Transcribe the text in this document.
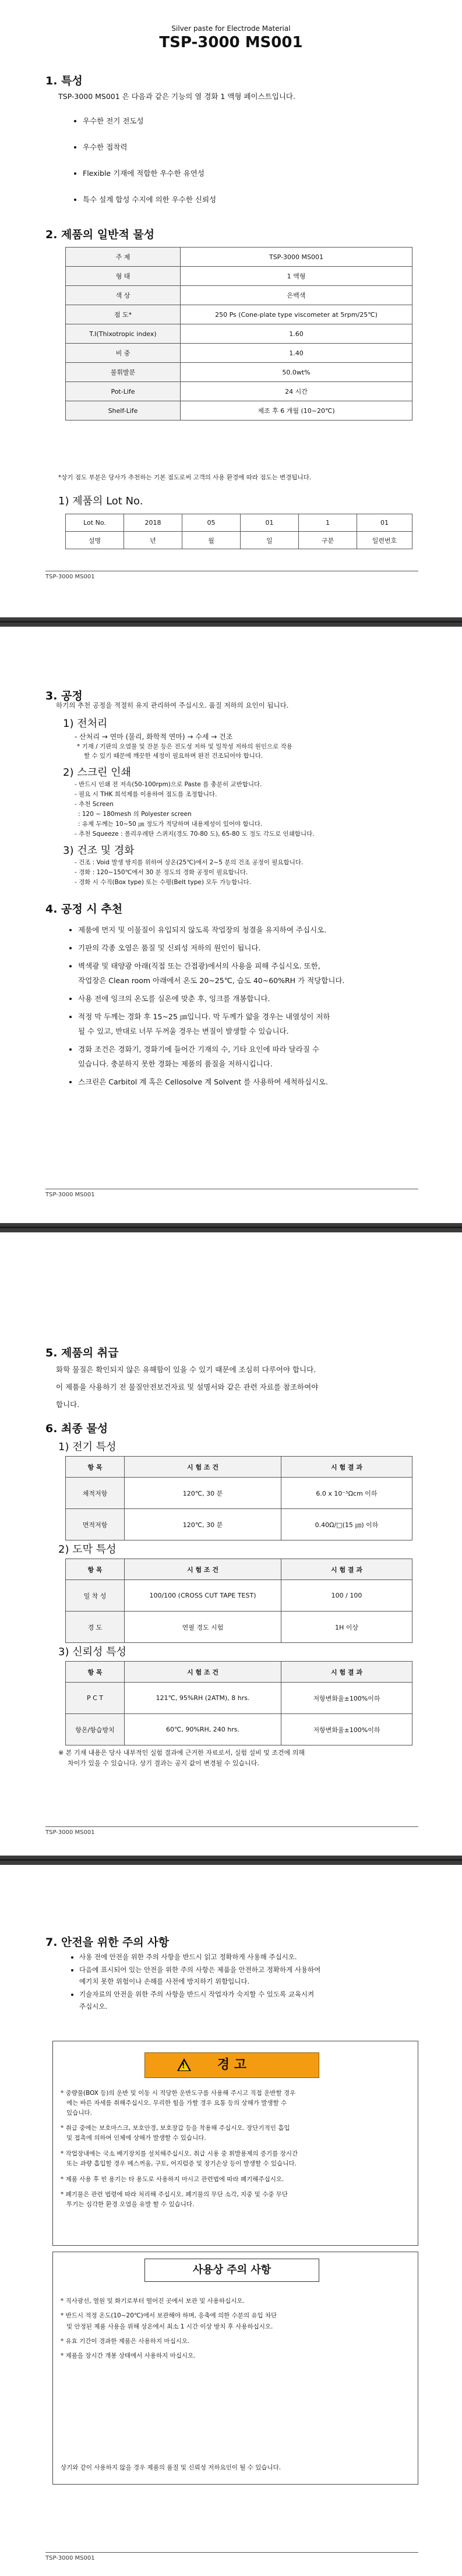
Silver paste for Electrode Material
TSP-3000 MS001
1. 특성
TSP-3000 MS001 은 다음과 같은 기능의 열 경화 1 액형 페이스트입니다.
• 우수한 전기 전도성
• 우수한 접착력
• Flexible 기재에 적합한 우수한 유연성
• 특수 설계 합성 수지에 의한 우수한 신뢰성
2. 제품의 일반적 물성
주 제	TSP-3000 MS001
형 태	1 액형
색 상	은백색
점 도*	250 Ps (Cone-plate type viscometer at 5rpm/25℃)
T.I(Thixotropic index)	1.60
비 중	1.40
불휘발분	50.0wt%
Pot-Life	24 시간
Shelf-Life	제조 후 6 개월 (10~20℃)
*상기 점도 부분은 당사가 추천하는 기본 점도로써 고객의 사용 환경에 따라 점도는 변경됩니다.
1) 제품의 Lot No.
Lot No.	2018	05	01	1	01
설명	년	월	일	구분	일련번호
TSP-3000 MS001
3. 공정
하기의 추천 공정을 적절히 유지 관리하여 주십시오. 품질 저하의 요인이 됩니다.
1) 전처리
- 산처리 → 연마 (물리, 화학적 연마) → 수세 → 건조
* 기재 / 기판의 오염물 및 잔분 등은 전도성 저하 및 밀착성 저하의 원인으로 작용
할 수 있기 때문에 깨끗한 세정이 필요하며 완전 건조되어야 합니다.
2) 스크린 인쇄
- 반드시 인쇄 전 저속(50-100rpm)으로 Paste 를 충분히 교반합니다.
- 필요 시 THK 희석제를 이용하여 점도를 조정합니다.
- 추천 Screen
: 120 ~ 180mesh 의 Polyester screen
: 유제 두께는 10~50 ㎛ 정도가 적당하며 내용제성이 있어야 합니다.
- 추천 Squeeze : 폴리우레탄 스퀴지(경도 70-80 도), 65-80 도 정도 각도로 인쇄합니다.
3) 건조 및 경화
- 건조 : Void 발생 방지를 위하여 상온(25℃)에서 2~5 분의 건조 공정이 필요합니다.
- 경화 : 120~150℃에서 30 분 정도의 경화 공정이 필요합니다.
- 경화 시 수직(Box type) 또는 수평(Belt type) 모두 가능합니다.
4. 공정 시 추천
• 제품에 먼지 및 이물질이 유입되지 않도록 작업장의 청결을 유지하여 주십시오.
• 기판의 각종 오염은 품질 및 신뢰성 저하의 원인이 됩니다.
• 벽색광 및 태양광 아래(직접 또는 간접광)에서의 사용을 피해 주십시오. 또한,
작업장은 Clean room 아래에서 온도 20~25℃, 습도 40~60%RH 가 적당합니다.
• 사용 전에 잉크의 온도를 실온에 맞춘 후, 잉크를 개봉합니다.
• 적정 막 두께는 경화 후 15~25 ㎛입니다. 막 두께가 얇을 경우는 내열성이 저하
될 수 있고, 반대로 너무 두꺼울 경우는 변질이 발생할 수 있습니다.
• 경화 조건은 경화기, 경화기에 들어간 기재의 수, 기타 요인에 따라 달라질 수
있습니다. 충분하지 못한 경화는 제품의 품질을 저하시킵니다.
• 스크린은 Carbitol 계 혹은 Cellosolve 계 Solvent 를 사용하여 세척하십시오.
TSP-3000 MS001
5. 제품의 취급
화학 물질은 확인되지 않은 유해함이 있을 수 있기 때문에 조심히 다루어야 합니다.
이 제품을 사용하기 전 물질안전보건자료 및 설명서와 같은 관련 자료를 참조하여야
합니다.
6. 최종 물성
1) 전기 특성
항 목	시 험 조 건	시 험 결 과
체적저항	120℃, 30 분	6.0 x 10⁻⁵Ωcm 이하
면적저항	120℃, 30 분	0.40Ω/□(15 ㎛) 이하
2) 도막 특성
항 목	시 험 조 건	시 험 결 과
밀 착 성	100/100 (CROSS CUT TAPE TEST)	100 / 100
경 도	연필 경도 시험	1H 이상
3) 신뢰성 특성
항 목	시 험 조 건	시 험 결 과
P C T	121℃, 95%RH (2ATM), 8 hrs.	저항변화율±100%이하
항온/항습방치	60℃, 90%RH, 240 hrs.	저항변화율±100%이하
※ 본 기재 내용은 당사 내부적인 실험 결과에 근거한 자료로서, 실험 설비 및 조건에 의해
차이가 있을 수 있습니다. 상기 결과는 공지 값이 변경될 수 있습니다.
TSP-3000 MS001
7. 안전을 위한 주의 사항
• 사용 전에 안전을 위한 주의 사항을 반드시 읽고 정확하게 사용해 주십시오.
• 다음에 표시되어 있는 안전을 위한 주의 사항은 제품을 안전하고 정확하게 사용하여
예기치 못한 위험이나 손해를 사전에 방지하기 위함입니다.
• 기술자료의 안전을 위한 주의 사항을 반드시 작업자가 숙지할 수 있도록 교육시켜
주십시오.
경 고
!
* 중량물(BOX 등)의 운반 및 이동 시 적당한 운반도구를 사용해 주시고 직접 운반할 경우
에는 바른 자세를 취해주십시오. 무리한 힘을 가할 경우 요통 등의 상해가 발생할 수
있습니다.
* 취급 중에는 보호마스크, 보호안경, 보호장갑 등을 착용해 주십시오. 장단기적인 흡입
및 접촉에 의하여 인체에 상해가 발생할 수 있습니다.
* 작업장내에는 국소 배기장치를 설치해주십시오. 취급 시용 중 휘발용제의 증기를 장시간
또는 과량 흡입할 경우 메스꺼움, 구토, 어지럼증 및 장기손상 등이 발생할 수 있습니다.
* 제품 사용 후 빈 용기는 타 용도로 사용하지 마시고 관련법에 따라 폐기해주십시오.
* 폐기물은 관련 법령에 따라 처리해 주십시오. 폐기물의 무단 소각, 지중 및 수중 무단
투기는 심각한 환경 오염을 유발 할 수 있습니다.
사용상 주의 사항
* 직사광선, 열원 및 화기로부터 떨어진 곳에서 보관 및 사용하십시오.
* 반드시 적정 온도(10~20℃)에서 보관해야 하며, 응축에 의한 수분의 유입 차단
및 안정된 제품 사용을 위해 상온에서 최소 1 시간 이상 방치 후 사용하십시오.
* 유효 기간이 경과한 제품은 사용하지 마십시오.
* 제품을 장시간 개봉 상태에서 사용하지 마십시오.
상기와 같이 사용하지 않을 경우 제품의 품질 및 신뢰성 저하요인이 될 수 있습니다.
TSP-3000 MS001
